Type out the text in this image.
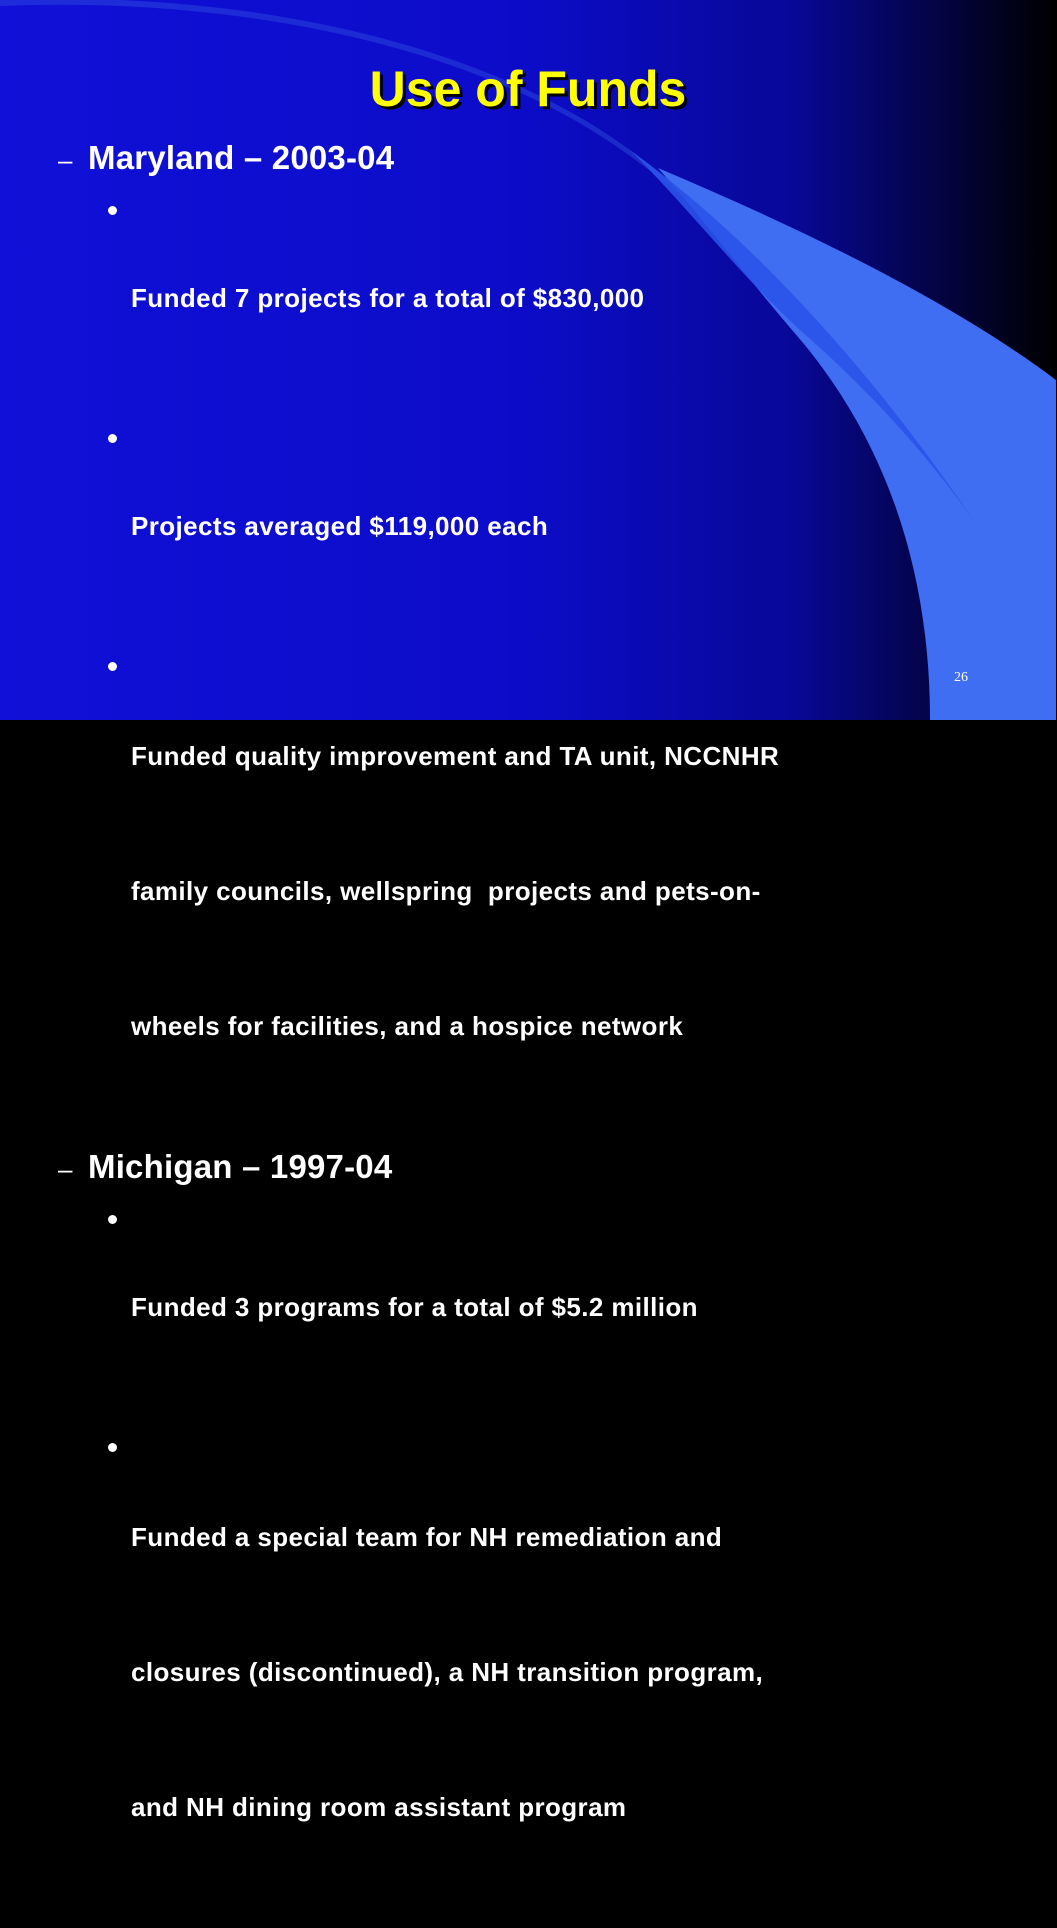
Use of Funds
– Maryland – 2003-04

Funded 7 projects for a total of $830,000

Projects averaged $119,000 each

Funded quality improvement and TA unit, NCCNHR

family councils, wellspring  projects and pets-on-

wheels for facilities, and a hospice network

– Michigan – 1997-04

Funded 3 programs for a total of $5.2 million

Funded a special team for NH remediation and

closures (discontinued), a NH transition program,

and NH dining room assistant program

26
